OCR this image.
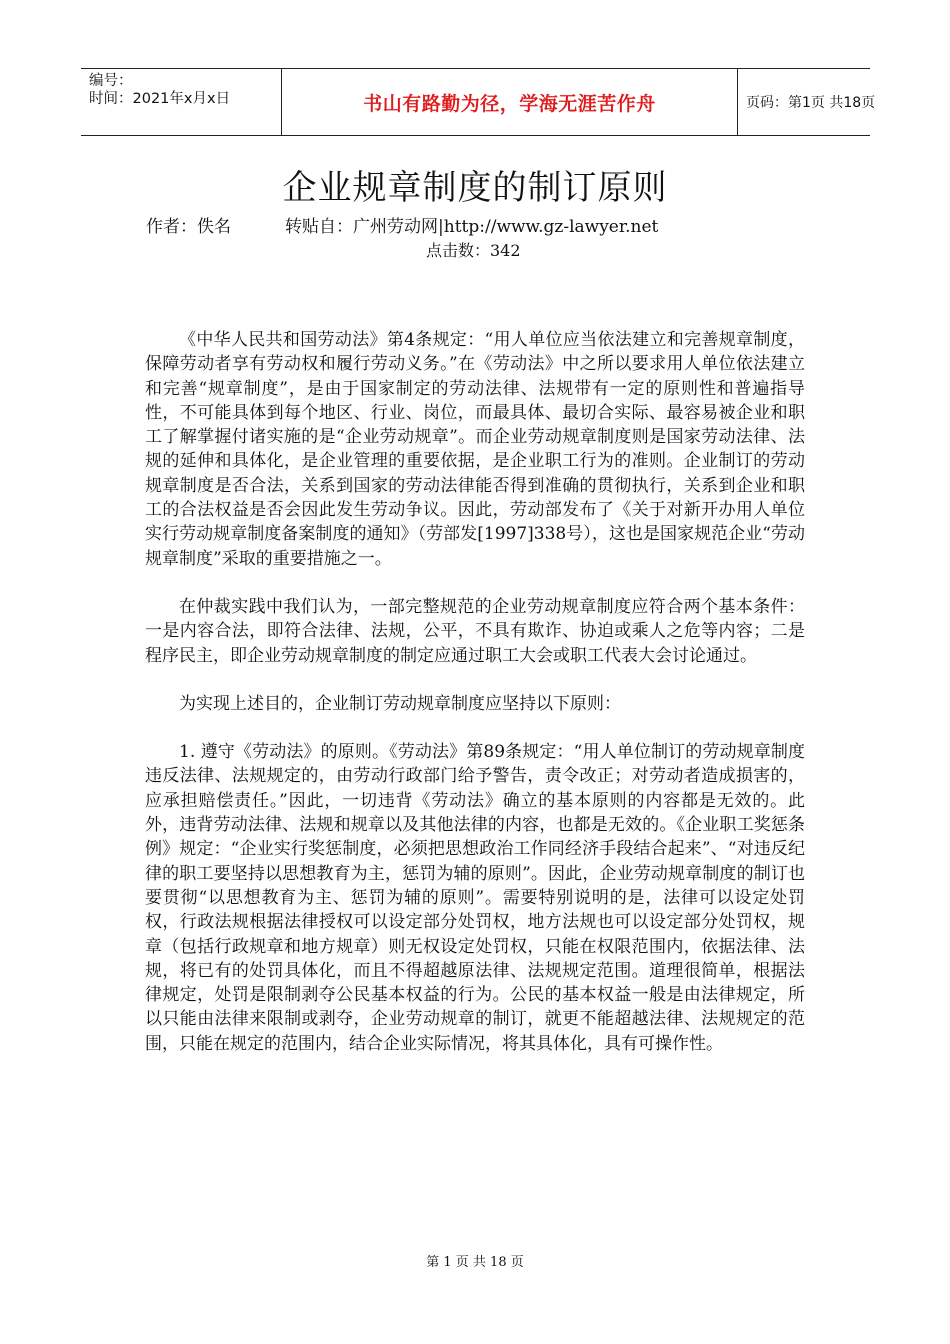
编号：
时间：2021年x月x日	书山有路勤为径，学海无涯苦作舟	页码：第1页 共18页
企业规章制度的制订原则
作者：佚名          转贴自：广州劳动网|http://www.gz-lawyer.net
点击数：342

《中华人民共和国劳动法》第4条规定：“用人单位应当依法建立和完善规章制度，保障劳动者享有劳动权和履行劳动义务。”在《劳动法》中之所以要求用人单位依法建立和完善“规章制度”，是由于国家制定的劳动法律、法规带有一定的原则性和普遍指导性，不可能具体到每个地区、行业、岗位，而最具体、最切合实际、最容易被企业和职工了解掌握付诸实施的是“企业劳动规章”。而企业劳动规章制度则是国家劳动法律、法规的延伸和具体化，是企业管理的重要依据，是企业职工行为的准则。企业制订的劳动规章制度是否合法，关系到国家的劳动法律能否得到准确的贯彻执行，关系到企业和职工的合法权益是否会因此发生劳动争议。因此，劳动部发布了《关于对新开办用人单位实行劳动规章制度备案制度的通知》（劳部发[1997]338号），这也是国家规范企业“劳动规章制度”采取的重要措施之一。

在仲裁实践中我们认为，一部完整规范的企业劳动规章制度应符合两个基本条件：一是内容合法，即符合法律、法规，公平，不具有欺诈、协迫或乘人之危等内容；二是程序民主，即企业劳动规章制度的制定应通过职工大会或职工代表大会讨论通过。

为实现上述目的，企业制订劳动规章制度应坚持以下原则：

1. 遵守《劳动法》的原则。《劳动法》第89条规定：“用人单位制订的劳动规章制度违反法律、法规规定的，由劳动行政部门给予警告，责令改正；对劳动者造成损害的，应承担赔偿责任。”因此，一切违背《劳动法》确立的基本原则的内容都是无效的。此外，违背劳动法律、法规和规章以及其他法律的内容，也都是无效的。《企业职工奖惩条例》规定：“企业实行奖惩制度，必须把思想政治工作同经济手段结合起来”、“对违反纪律的职工要坚持以思想教育为主，惩罚为辅的原则”。因此，企业劳动规章制度的制订也要贯彻“以思想教育为主、惩罚为辅的原则”。需要特别说明的是，法律可以设定处罚权，行政法规根据法律授权可以设定部分处罚权，地方法规也可以设定部分处罚权，规章（包括行政规章和地方规章）则无权设定处罚权，只能在权限范围内，依据法律、法规，将已有的处罚具体化，而且不得超越原法律、法规规定范围。道理很简单，根据法律规定，处罚是限制剥夺公民基本权益的行为。公民的基本权益一般是由法律规定，所以只能由法律来限制或剥夺，企业劳动规章的制订，就更不能超越法律、法规规定的范围，只能在规定的范围内，结合企业实际情况，将其具体化，具有可操作性。

第 1 页 共 18 页
